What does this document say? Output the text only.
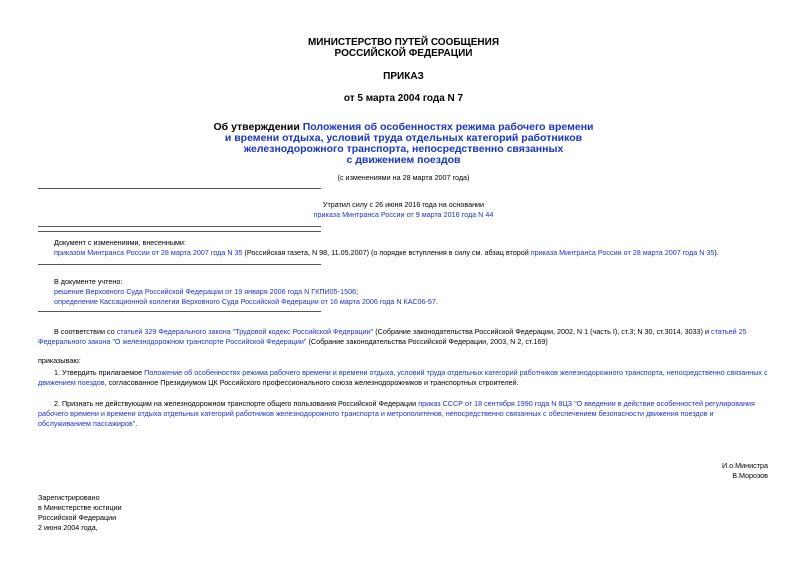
МИНИСТЕРСТВО ПУТЕЙ СООБЩЕНИЯ
РОССИЙСКОЙ ФЕДЕРАЦИИ
ПРИКАЗ
от 5 марта 2004 года N 7
Об утверждении Положения об особенностях режима рабочего времени
и времени отдыха, условий труда отдельных категорий работников
железнодорожного транспорта, непосредственно связанных
с движением поездов
(с изменениями на 28 марта 2007 года)
Утратил силу с 26 июня 2016 года на основании
приказа Минтранса России от 9 марта 2016 года N 44
Документ с изменениями, внесенными:
приказом Минтранса России от 28 марта 2007 года N 35 (Российская газета, N 98, 11.05.2007) (о порядке вступления в силу см. абзац второй приказа Минтранса России от 28 марта 2007 года N 35).
В документе учтено:
решение Верховного Суда Российской Федерации от 19 января 2006 года N ГКПИ05-1506;
определение Кассационной коллегии Верховного Суда Российской Федерации от 16 марта 2006 года N КАС06-57.
В соответствии со статьей 329 Федерального закона "Трудовой кодекс Российской Федерации" (Собрание законодательства Российской Федерации, 2002, N 1 (часть I), ст.3; N 30, ст.3014, 3033) и статьей 25
Федерального закона "О железнодорожном транспорте Российской Федерации" (Собрание законодательства Российской Федерации, 2003, N 2, ст.169)
приказываю:
1. Утвердить прилагаемое Положение об особенностях режима рабочего времени и времени отдыха, условий труда отдельных категорий работников железнодорожного транспорта, непосредственно связанных с
движением поездов, согласованное Президиумом ЦК Российского профессионального союза железнодорожников и транспортных строителей.
2. Признать не действующим на железнодорожном транспорте общего пользования Российской Федерации приказ СССР от 18 сентября 1990 года N 8ЦЗ "О введении в действие особенностей регулирования
рабочего времени и времени отдыха отдельных категорий работников железнодорожного транспорта и метрополитенов, непосредственно связанных с обеспечением безопасности движения поездов и
обслуживанием пассажиров".
И.о.Министра
В.Морозов
Зарегистрировано
в Министерстве юстиции
Российской Федерации
2 июня 2004 года,
